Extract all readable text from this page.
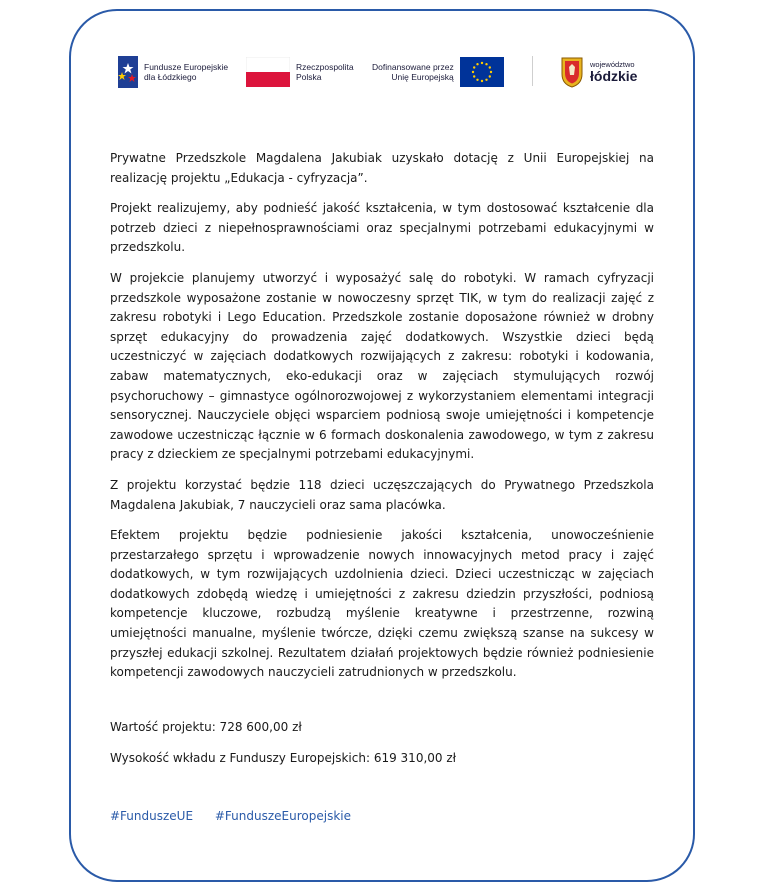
Fundusze Europejskie
dla Łódzkiego
Rzeczpospolita
Polska
Dofinansowane przez
Unię Europejską
województwo
łódzkie

Prywatne Przedszkole Magdalena Jakubiak uzyskało dotację z Unii Europejskiej na realizację projektu „Edukacja - cyfryzacja”.

Projekt realizujemy, aby podnieść jakość kształcenia, w tym dostosować kształcenie dla potrzeb dzieci z niepełnosprawnościami oraz specjalnymi potrzebami edukacyjnymi w przedszkolu.

W projekcie planujemy utworzyć i wyposażyć salę do robotyki. W ramach cyfryzacji przedszkole wyposażone zostanie w nowoczesny sprzęt TIK, w tym do realizacji zajęć z zakresu robotyki i Lego Education. Przedszkole zostanie doposażone również w drobny sprzęt edukacyjny do prowadzenia zajęć dodatkowych. Wszystkie dzieci będą uczestniczyć w zajęciach dodatkowych rozwijających z zakresu: robotyki i kodowania, zabaw matematycznych, eko-edukacji oraz w zajęciach stymulujących rozwój psychoruchowy – gimnastyce ogólnorozwojowej z wykorzystaniem elementami integracji sensorycznej. Nauczyciele objęci wsparciem podniosą swoje umiejętności i kompetencje zawodowe uczestnicząc łącznie w 6 formach doskonalenia zawodowego, w tym z zakresu pracy z dzieckiem ze specjalnymi potrzebami edukacyjnymi.

Z projektu korzystać będzie 118 dzieci uczęszczających do Prywatnego Przedszkola Magdalena Jakubiak, 7 nauczycieli oraz sama placówka.

Efektem projektu będzie podniesienie jakości kształcenia, unowocześnienie przestarzałego sprzętu i wprowadzenie nowych innowacyjnych metod pracy i zajęć dodatkowych, w tym rozwijających uzdolnienia dzieci. Dzieci uczestnicząc w zajęciach dodatkowych zdobędą wiedzę i umiejętności z zakresu dziedzin przyszłości, podniosą kompetencje kluczowe, rozbudzą myślenie kreatywne i przestrzenne, rozwiną umiejętności manualne, myślenie twórcze, dzięki czemu zwiększą szanse na sukcesy w przyszłej edukacji szkolnej. Rezultatem działań projektowych będzie również podniesienie kompetencji zawodowych nauczycieli zatrudnionych w przedszkolu.

Wartość projektu: 728 600,00 zł
Wysokość wkładu z Funduszy Europejskich: 619 310,00 zł
#FunduszeUE #FunduszeEuropejskie
